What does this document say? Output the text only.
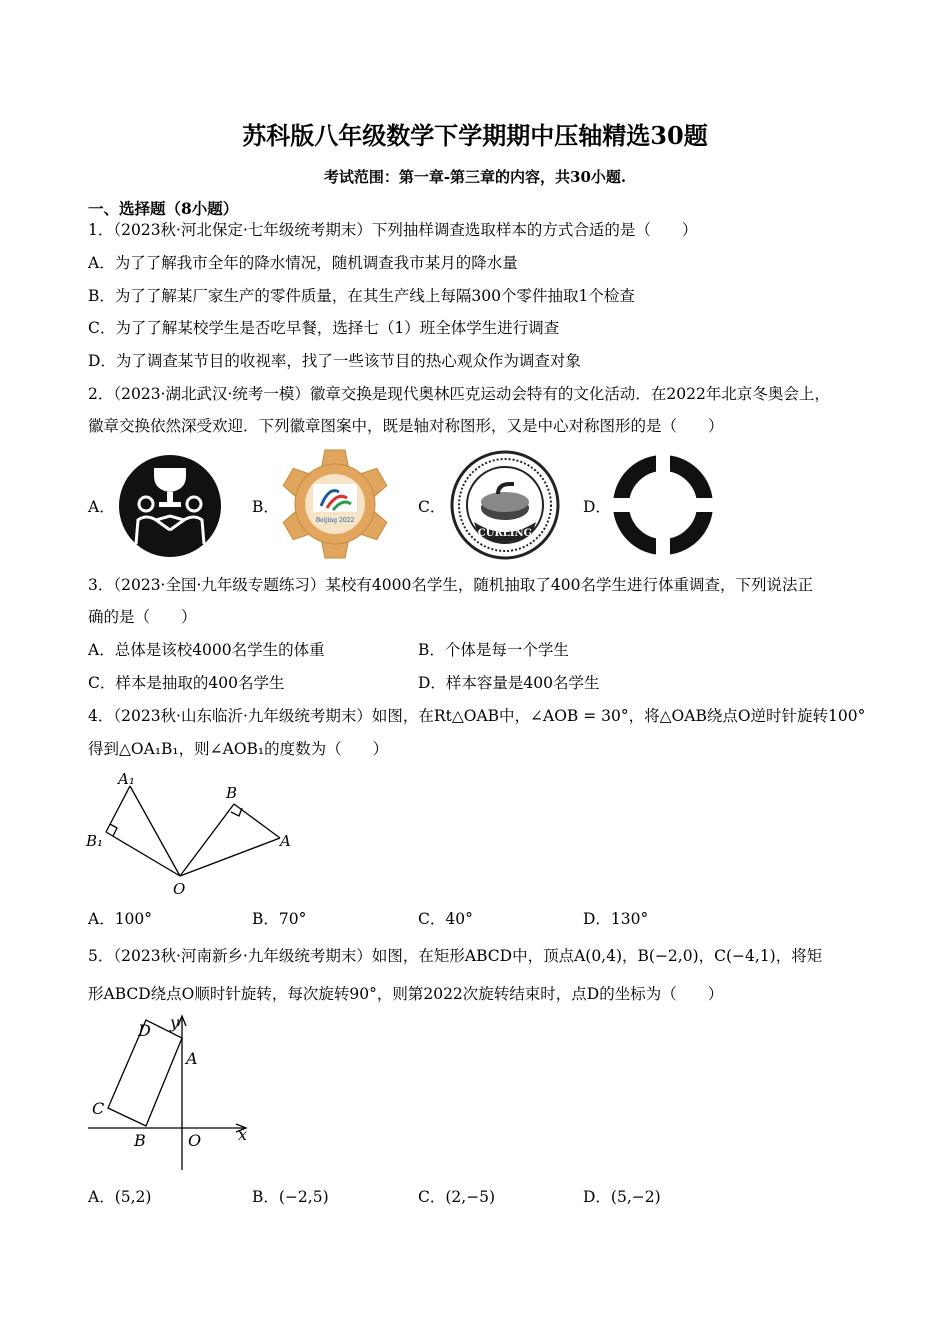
苏科版八年级数学下学期期中压轴精选30题
考试范围：第一章-第三章的内容，共30小题.
一、选择题（8小题）
1．（2023秋·河北保定·七年级统考期末）下列抽样调查选取样本的方式合适的是（　　）
A．为了了解我市全年的降水情况，随机调查我市某月的降水量
B．为了了解某厂家生产的零件质量，在其生产线上每隔300个零件抽取1个检查
C．为了了解某校学生是否吃早餐，选择七（1）班全体学生进行调查
D．为了调查某节目的收视率，找了一些该节目的热心观众作为调查对象
2．（2023·湖北武汉·统考一模）徽章交换是现代奥林匹克运动会特有的文化活动．在2022年北京冬奥会上，
徽章交换依然深受欢迎．下列徽章图案中，既是轴对称图形，又是中心对称图形的是（　　）
A．	B．
Beijing 2022
C．
CURLING
D．
3．（2023·全国·九年级专题练习）某校有4000名学生，随机抽取了400名学生进行体重调查，下列说法正
确的是（　　）
A．总体是该校4000名学生的体重	B．个体是每一个学生
C．样本是抽取的400名学生	D．样本容量是400名学生
4．（2023秋·山东临沂·九年级统考期末）如图，在Rt△OAB中，∠AOB = 30°，将△OAB绕点O逆时针旋转100°
得到△OA₁B₁，则∠AOB₁的度数为（　　）
A₁
B₁
B
A
O
A．100°	B．70°	C．40°	D．130°
5．（2023秋·河南新乡·九年级统考期末）如图，在矩形ABCD中，顶点A(0,4)，B(−2,0)，C(−4,1)，将矩
形ABCD绕点O顺时针旋转，每次旋转90°，则第2022次旋转结束时，点D的坐标为（　　）
D y
A
C
B	O x
A．(5,2)	B．(−2,5)	C．(2,−5)	D．(5,−2)
